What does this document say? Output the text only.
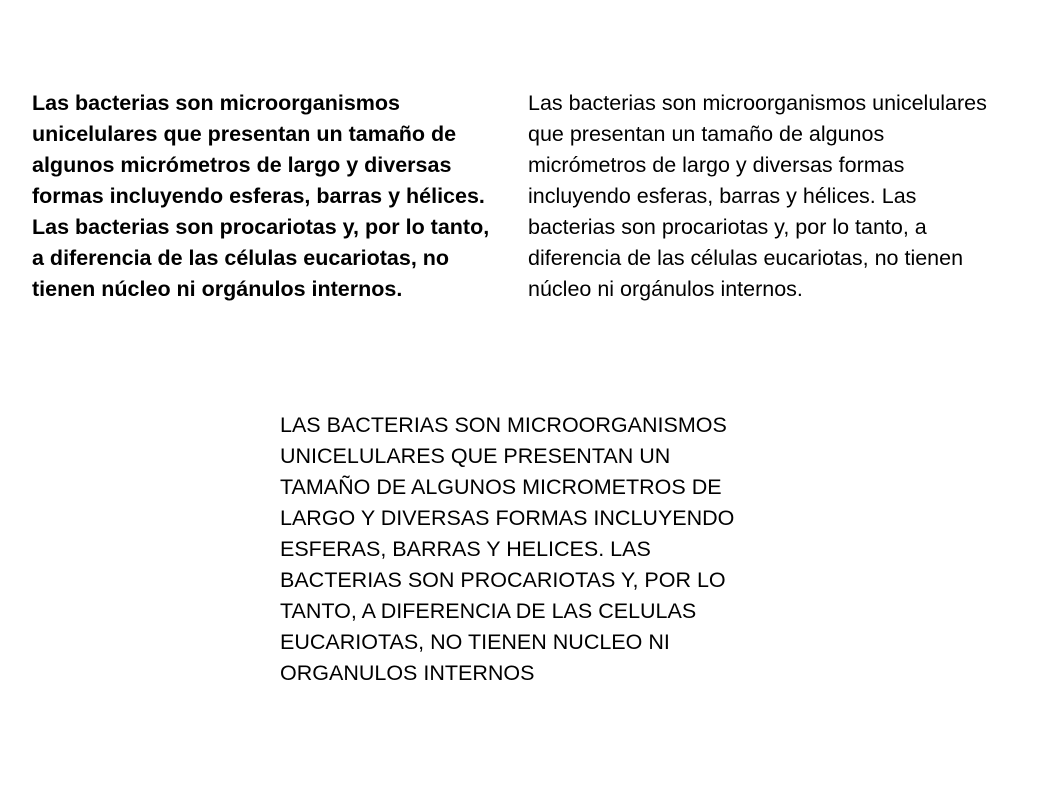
Las bacterias son microorganismos unicelulares que presentan un tamaño de algunos micrómetros de largo y diversas formas incluyendo esferas, barras y hélices. Las bacterias son procariotas y, por lo tanto, a diferencia de las células eucariotas, no tienen núcleo ni orgánulos internos.

Las bacterias son microorganismos unicelulares que presentan un tamaño de algunos micrómetros de largo y diversas formas incluyendo esferas, barras y hélices. Las bacterias son procariotas y, por lo tanto, a diferencia de las células eucariotas, no tienen núcleo ni orgánulos internos.

LAS BACTERIAS SON MICROORGANISMOS UNICELULARES QUE PRESENTAN UN TAMAÑO DE ALGUNOS MICROMETROS DE LARGO Y DIVERSAS FORMAS INCLUYENDO ESFERAS, BARRAS Y HELICES. LAS BACTERIAS SON PROCARIOTAS Y, POR LO TANTO, A DIFERENCIA DE LAS CELULAS EUCARIOTAS, NO TIENEN NUCLEO NI ORGANULOS INTERNOS
